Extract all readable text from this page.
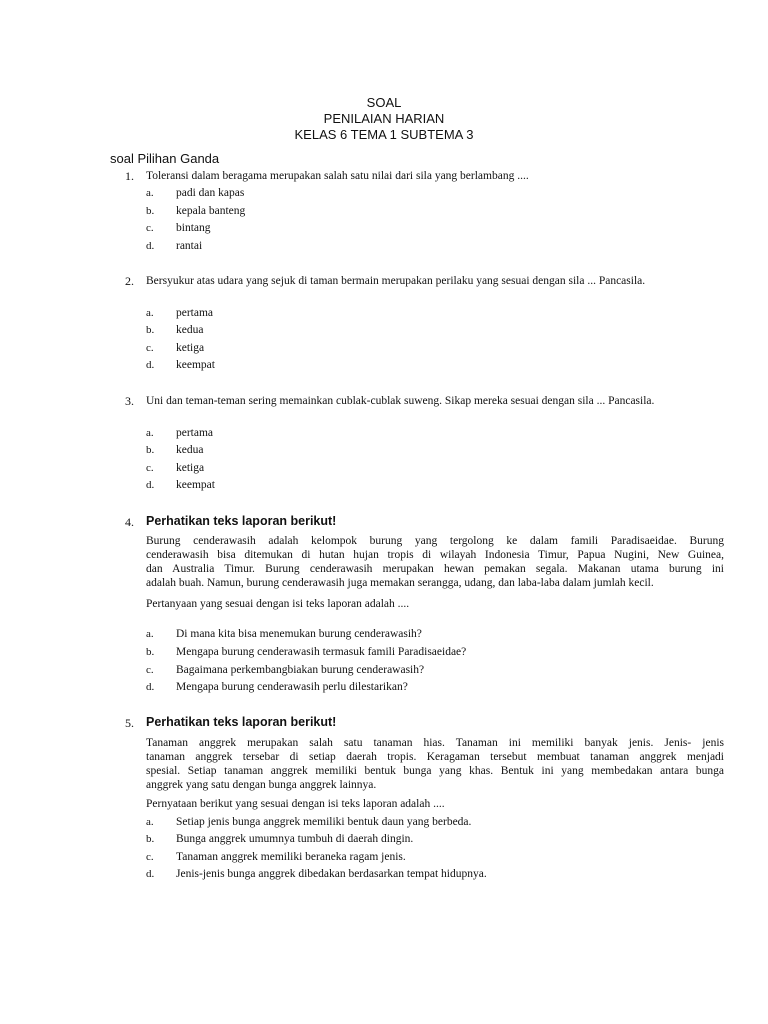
SOAL
PENILAIAN HARIAN
KELAS 6 TEMA 1 SUBTEMA 3
soal Pilihan Ganda
1. Toleransi dalam beragama merupakan salah satu nilai dari sila yang berlambang ....
a. padi dan kapas
b. kepala banteng
c. bintang
d. rantai
2. Bersyukur atas udara yang sejuk di taman bermain merupakan perilaku yang sesuai dengan sila ... Pancasila.
a. pertama
b. kedua
c. ketiga
d. keempat
3. Uni dan teman-teman sering memainkan cublak-cublak suweng. Sikap mereka sesuai dengan sila ... Pancasila.
a. pertama
b. kedua
c. ketiga
d. keempat
4. Perhatikan teks laporan berikut!
Burung cenderawasih adalah kelompok burung yang tergolong ke dalam famili Paradisaeidae. Burung
cenderawasih bisa ditemukan di hutan hujan tropis di wilayah Indonesia Timur, Papua Nugini, New Guinea,
dan Australia Timur. Burung cenderawasih merupakan hewan pemakan segala. Makanan utama burung ini
adalah buah. Namun, burung cenderawasih juga memakan serangga, udang, dan laba-laba dalam jumlah kecil.
Pertanyaan yang sesuai dengan isi teks laporan adalah ....
a. Di mana kita bisa menemukan burung cenderawasih?
b. Mengapa burung cenderawasih termasuk famili Paradisaeidae?
c. Bagaimana perkembangbiakan burung cenderawasih?
d. Mengapa burung cenderawasih perlu dilestarikan?
5. Perhatikan teks laporan berikut!
Tanaman anggrek merupakan salah satu tanaman hias. Tanaman ini memiliki banyak jenis. Jenis- jenis
tanaman anggrek tersebar di setiap daerah tropis. Keragaman tersebut membuat tanaman anggrek menjadi
spesial. Setiap tanaman anggrek memiliki bentuk bunga yang khas. Bentuk ini yang membedakan antara bunga
anggrek yang satu dengan bunga anggrek lainnya.
Pernyataan berikut yang sesuai dengan isi teks laporan adalah ....
a. Setiap jenis bunga anggrek memiliki bentuk daun yang berbeda.
b. Bunga anggrek umumnya tumbuh di daerah dingin.
c. Tanaman anggrek memiliki beraneka ragam jenis.
d. Jenis-jenis bunga anggrek dibedakan berdasarkan tempat hidupnya.
